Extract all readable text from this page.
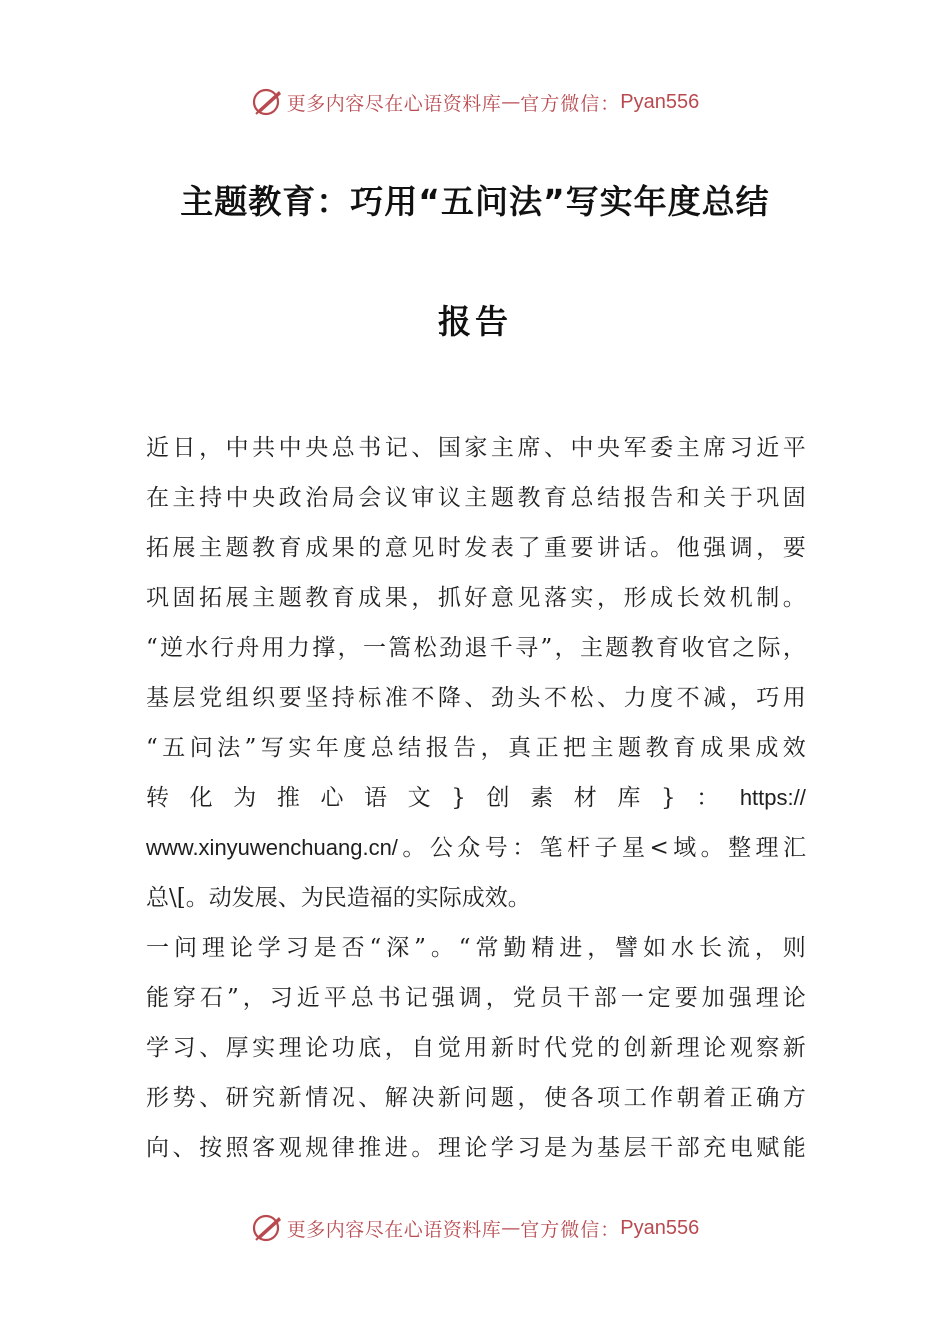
更多内容尽在心语资料库 — 官方微信： Pyan556
主题教育：巧用“五问法”写实年度总结
报告
近 日 ， 中 共 中 央 总 书 记 、 国 家 主 席 、 中 央 军 委 主 席 习 近 平
在 主 持 中 央 政 治 局 会 议 审 议 主 题 教 育 总 结 报 告 和 关 于 巩 固
拓 展 主 题 教 育 成 果 的 意 见 时 发 表 了 重 要 讲 话 。 他 强 调 ， 要
巩 固 拓 展 主 题 教 育 成 果 ， 抓 好 意 见 落 实 ， 形 成 长 效 机 制 。
“ 逆 水 行 舟 用 力 撑 ， 一 篙 松 劲 退 千 寻 ” ， 主 题 教 育 收 官 之 际 ，
基 层 党 组 织 要 坚 持 标 准 不 降 、 劲 头 不 松 、 力 度 不 减 ， 巧 用
“ 五 问 法 ” 写 实 年 度 总 结 报 告 ， 真 正 把 主 题 教 育 成 果 成 效
转 化 为 推 心 语 文 } 创 素 材 库 } ： https://
www.xinyuwenchuang.cn/ 。 公 众 号 ： 笔 杆 子 星 < 域 。 整 理 汇
总\[。动发展、为民造福的实际成效。
一 问 理 论 学 习 是 否 “ 深 ” 。 “ 常 勤 精 进 ， 譬 如 水 长 流 ， 则
能 穿 石 ” ， 习 近 平 总 书 记 强 调 ， 党 员 干 部 一 定 要 加 强 理 论
学 习 、 厚 实 理 论 功 底 ， 自 觉 用 新 时 代 党 的 创 新 理 论 观 察 新
形 势 、 研 究 新 情 况 、 解 决 新 问 题 ， 使 各 项 工 作 朝 着 正 确 方
向 、 按 照 客 观 规 律 推 进 。 理 论 学 习 是 为 基 层 干 部 充 电 赋 能
更多内容尽在心语资料库 — 官方微信： Pyan556
